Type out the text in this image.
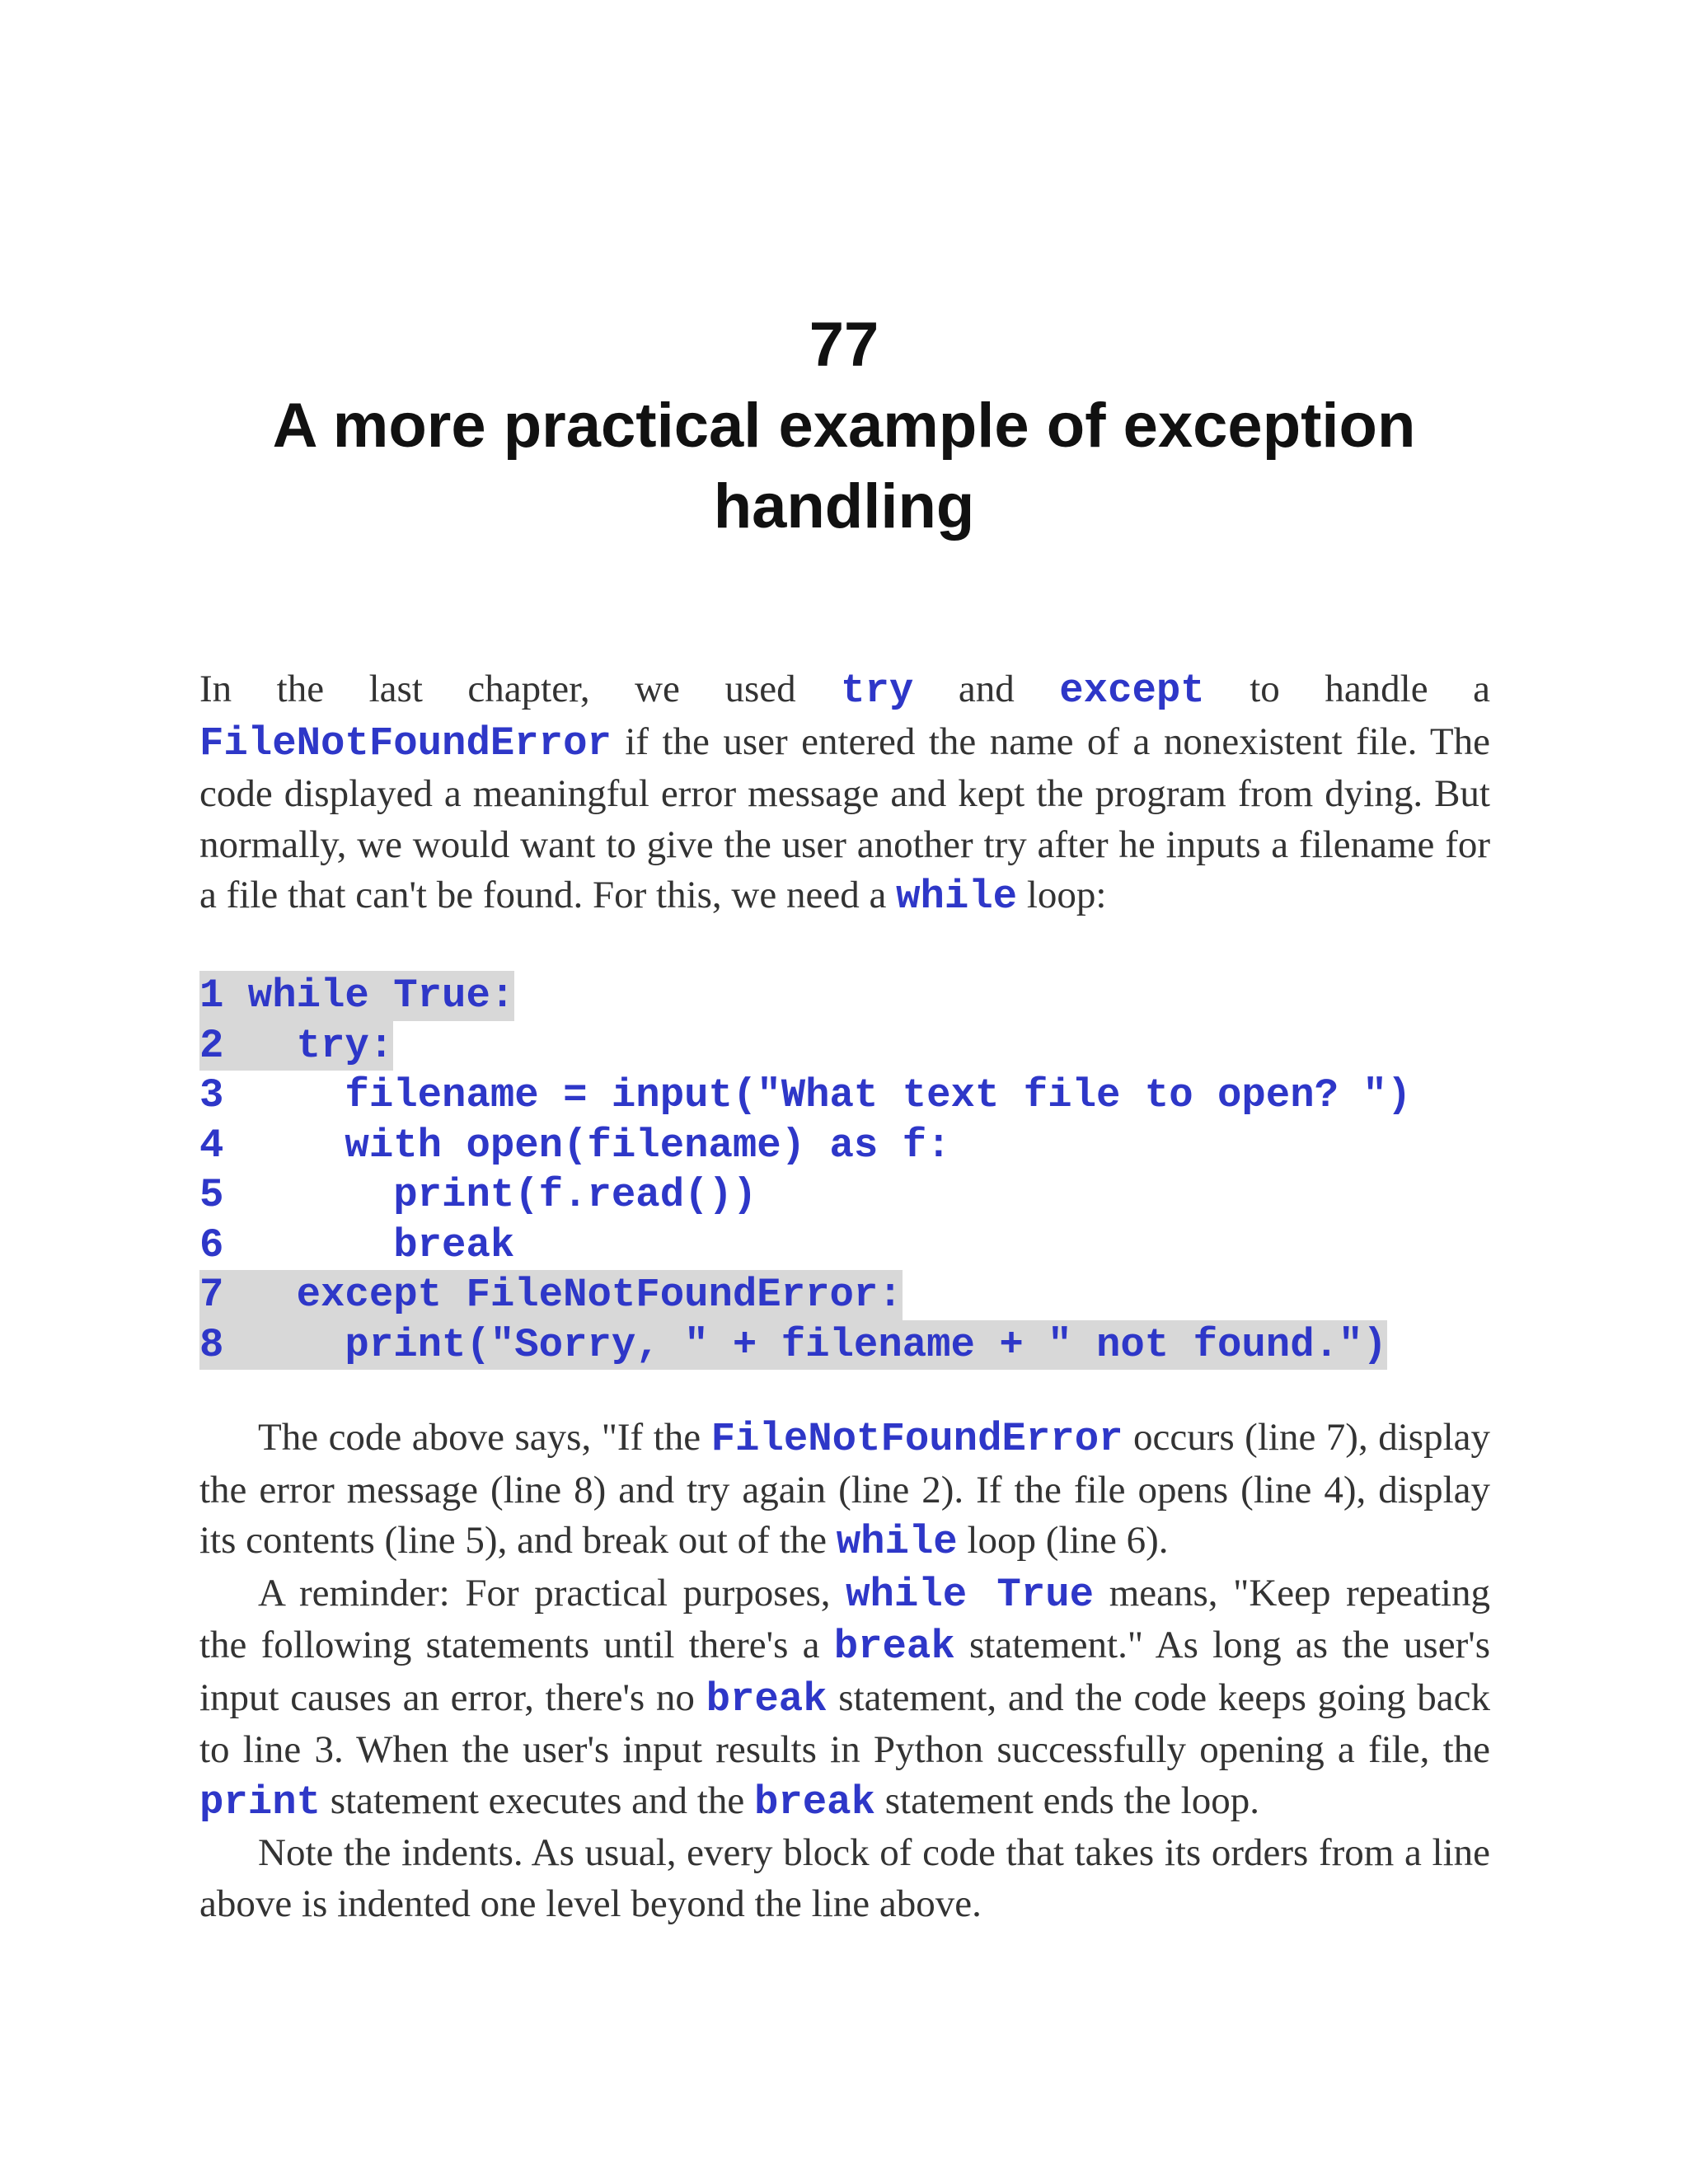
77
A more practical example of exception
handling

In the last chapter, we used try and except to handle a FileNotFoundError if the user entered the name of a nonexistent file. The code displayed a meaningful error message and kept the program from dying. But normally, we would want to give the user another try after he inputs a filename for a file that can't be found. For this, we need a while loop:

1 while True:
2   try:
3     filename = input("What text file to open? ")
4     with open(filename) as f:
5       print(f.read())
6       break
7   except FileNotFoundError:
8     print("Sorry, " + filename + " not found.")

The code above says, "If the FileNotFoundError occurs (line 7), display the error message (line 8) and try again (line 2). If the file opens (line 4), display its contents (line 5), and break out of the while loop (line 6).

A reminder: For practical purposes, while True means, "Keep repeating the following statements until there's a break statement." As long as the user's input causes an error, there's no break statement, and the code keeps going back to line 3. When the user's input results in Python successfully opening a file, the print statement executes and the break statement ends the loop.

Note the indents. As usual, every block of code that takes its orders from a line above is indented one level beyond the line above.
